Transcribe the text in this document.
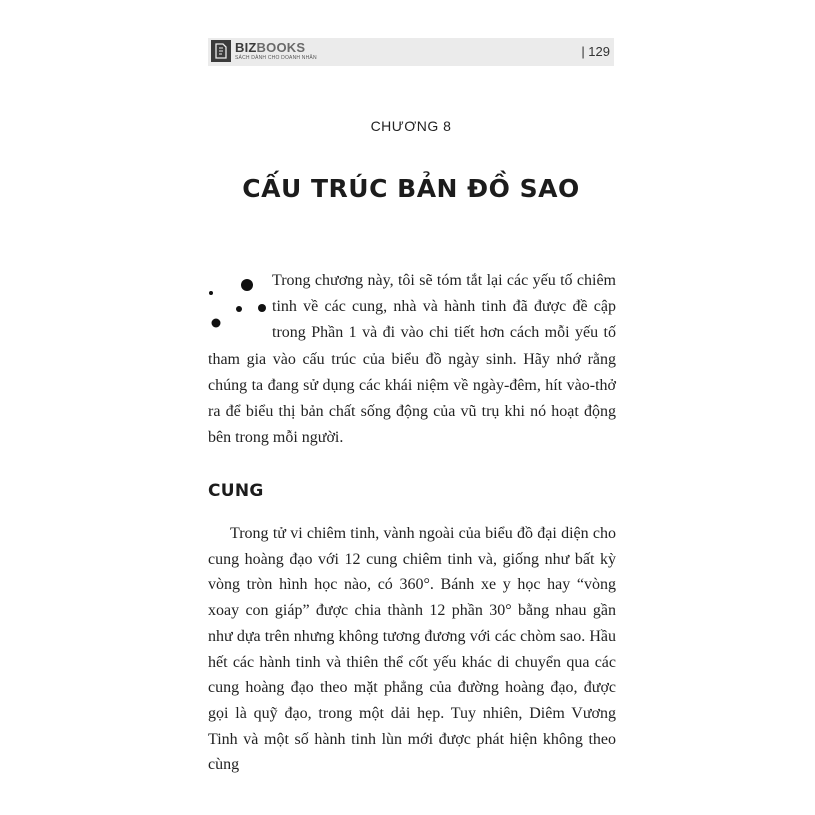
BIZBOOKS
SÁCH DÀNH CHO DOANH NHÂN	| 129
CHƯƠNG 8
CẤU TRÚC BẢN ĐỒ SAO

Trong chương này, tôi sẽ tóm tắt lại các yếu tố chiêm tinh về các cung, nhà và hành tinh đã được đề cập trong Phần 1 và đi vào chi tiết hơn cách mỗi yếu tố tham gia vào cấu trúc của biểu đồ ngày sinh. Hãy nhớ rằng chúng ta đang sử dụng các khái niệm về ngày-đêm, hít vào-thở ra để biểu thị bản chất sống động của vũ trụ khi nó hoạt động bên trong mỗi người.

CUNG

Trong tử vi chiêm tinh, vành ngoài của biểu đồ đại diện cho cung hoàng đạo với 12 cung chiêm tinh và, giống như bất kỳ vòng tròn hình học nào, có 360°. Bánh xe y học hay “vòng xoay con giáp” được chia thành 12 phần 30° bằng nhau gần như dựa trên nhưng không tương đương với các chòm sao. Hầu hết các hành tinh và thiên thể cốt yếu khác di chuyển qua các cung hoàng đạo theo mặt phẳng của đường hoàng đạo, được gọi là quỹ đạo, trong một dải hẹp. Tuy nhiên, Diêm Vương Tinh và một số hành tinh lùn mới được phát hiện không theo cùng
